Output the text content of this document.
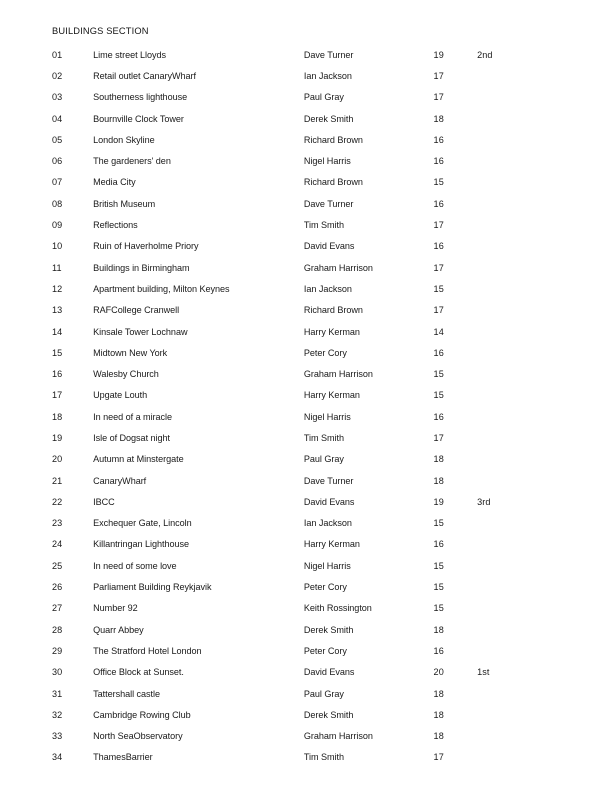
BUILDINGS SECTION
01	Lime street Lloyds	Dave Turner	19	2nd
02	Retail outlet CanaryWharf	Ian Jackson	17	
03	Southerness lighthouse	Paul Gray	17	
04	Bournville Clock Tower	Derek Smith	18	
05	London Skyline	Richard Brown	16	
06	The gardeners' den	Nigel Harris	16	
07	Media City	Richard Brown	15	
08	British Museum	Dave Turner	16	
09	Reflections	Tim Smith	17	
10	Ruin of Haverholme Priory	David Evans	16	
11	Buildings in Birmingham	Graham Harrison	17	
12	Apartment building, Milton Keynes	Ian Jackson	15	
13	RAFCollege Cranwell	Richard Brown	17	
14	Kinsale Tower Lochnaw	Harry Kerman	14	
15	Midtown New York	Peter Cory	16	
16	Walesby Church	Graham Harrison	15	
17	Upgate Louth	Harry Kerman	15	
18	In need of a miracle	Nigel Harris	16	
19	Isle of Dogsat night	Tim Smith	17	
20	Autumn at Minstergate	Paul Gray	18	
21	CanaryWharf	Dave Turner	18	
22	IBCC	David Evans	19	3rd
23	Exchequer Gate, Lincoln	Ian Jackson	15	
24	Killantringan Lighthouse	Harry Kerman	16	
25	In need of some love	Nigel Harris	15	
26	Parliament Building Reykjavik	Peter Cory	15	
27	Number 92	Keith Rossington	15	
28	Quarr Abbey	Derek Smith	18	
29	The Stratford Hotel London	Peter Cory	16	
30	Office Block at Sunset.	David Evans	20	1st
31	Tattershall castle	Paul Gray	18	
32	Cambridge Rowing Club	Derek Smith	18	
33	North SeaObservatory	Graham Harrison	18	
34	ThamesBarrier	Tim Smith	17	
